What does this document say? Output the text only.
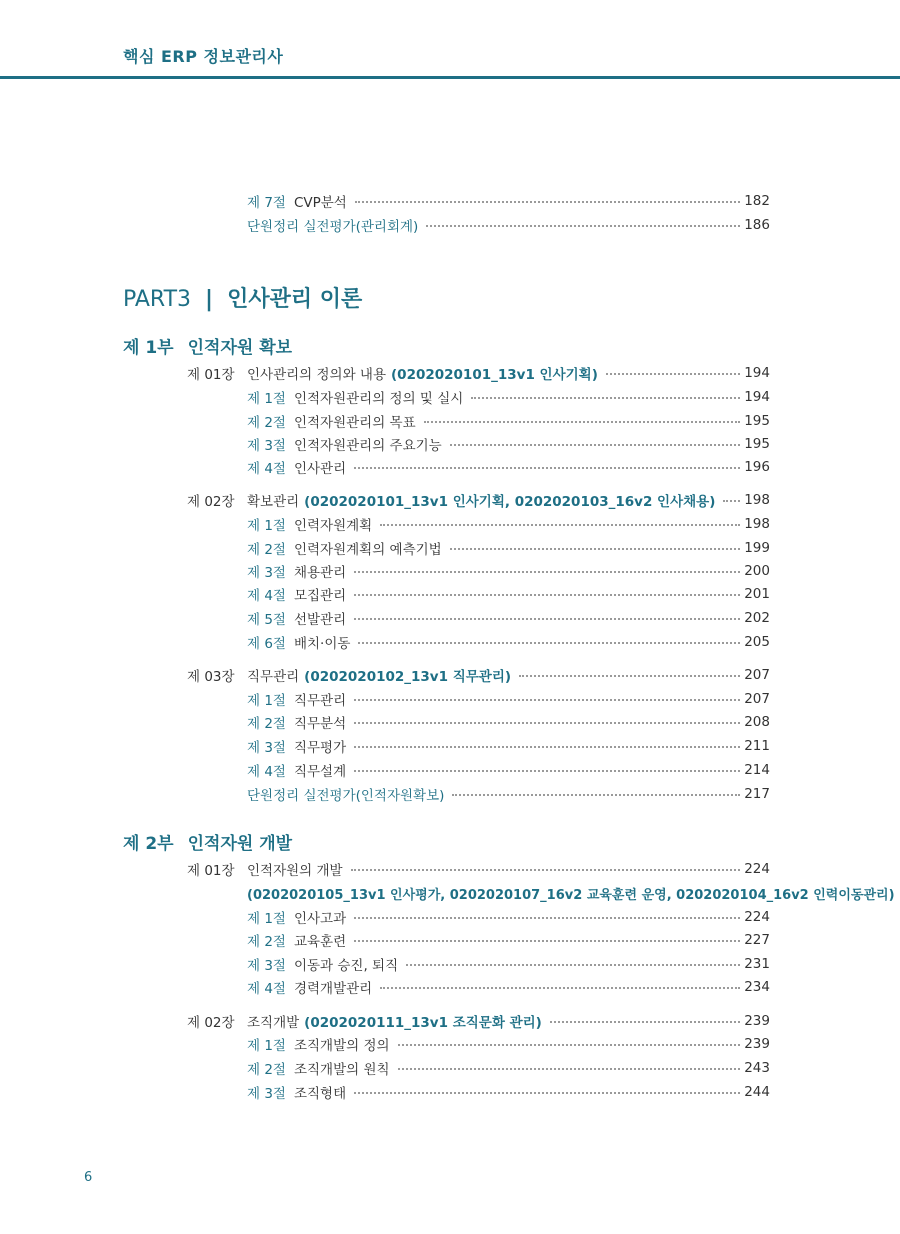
핵심 ERP 정보관리사
제 7절 CVP분석	182
단원정리 실전평가(관리회계)	186
PART3 | 인사관리 이론
제 1부 인적자원 확보
제 01장 인사관리의 정의와 내용 (0202020101_13v1 인사기획)	194
제 1절 인적자원관리의 정의 및 실시	194
제 2절 인적자원관리의 목표	195
제 3절 인적자원관리의 주요기능	195
제 4절 인사관리	196
제 02장 확보관리 (0202020101_13v1 인사기획, 0202020103_16v2 인사채용) 198
제 1절 인력자원계획	198
제 2절 인력자원계획의 예측기법	199
제 3절 채용관리	200
제 4절 모집관리	201
제 5절 선발관리	202
제 6절 배치·이동	205
제 03장 직무관리 (0202020102_13v1 직무관리)	207
제 1절 직무관리	207
제 2절 직무분석	208
제 3절 직무평가	211
제 4절 직무설계	214
단원정리 실전평가(인적자원확보)	217
제 2부 인적자원 개발
제 01장 인적자원의 개발	224
(0202020105_13v1 인사평가, 0202020107_16v2 교육훈련 운영, 0202020104_16v2 인력이동관리)
제 1절 인사고과	224
제 2절 교육훈련	227
제 3절 이동과 승진, 퇴직	231
제 4절 경력개발관리	234
제 02장 조직개발 (0202020111_13v1 조직문화 관리)	239
제 1절 조직개발의 정의	239
제 2절 조직개발의 원칙	243
제 3절 조직형태	244
6
